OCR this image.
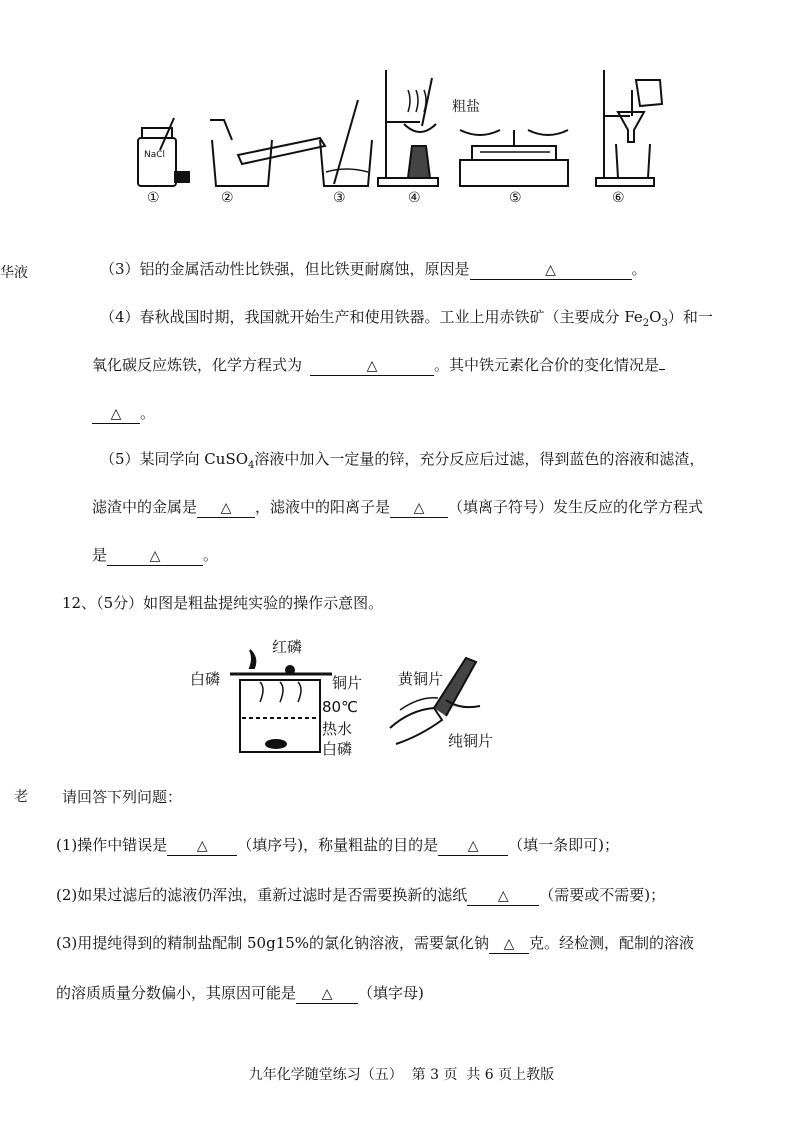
粗盐
NaCl
①	②	③	④	⑤	⑥
华液
老
（3）铝的金属活动性比铁强，但比铁更耐腐蚀，原因是	△	。
（4）春秋战国时期，我国就开始生产和使用铁器。工业上用赤铁矿（主要成分 $Fe_2O_3$）和一
氧化碳反应炼铁，化学方程式为	△	。其中铁元素化合价的变化情况是
△ 。
（5）某同学向 CuSO$_4$溶液中加入一定量的锌，充分反应后过滤，得到蓝色的溶液和滤渣，
滤渣中的金属是 △ ，滤液中的阳离子是 △ （填离子符号）发生反应的化学方程式
是	△	。
12、（5分）如图是粗盐提纯实验的操作示意图。
红磷
白磷	铜片
80℃
热水
白磷
黄铜片
纯铜片
请回答下列问题：
(1)操作中错误是 △ （填序号)，称量粗盐的目的是 △ （填一条即可)；
(2)如果过滤后的滤液仍浑浊，重新过滤时是否需要换新的滤纸 △ （需要或不需要)；
(3)用提纯得到的精制盐配制 50g15%的氯化钠溶液，需要氯化钠 △ 克。经检测，配制的溶液
的溶质质量分数偏小，其原因可能是 △ （填字母)

九年化学随堂练习（五）  第 3 页  共 6 页上教版
